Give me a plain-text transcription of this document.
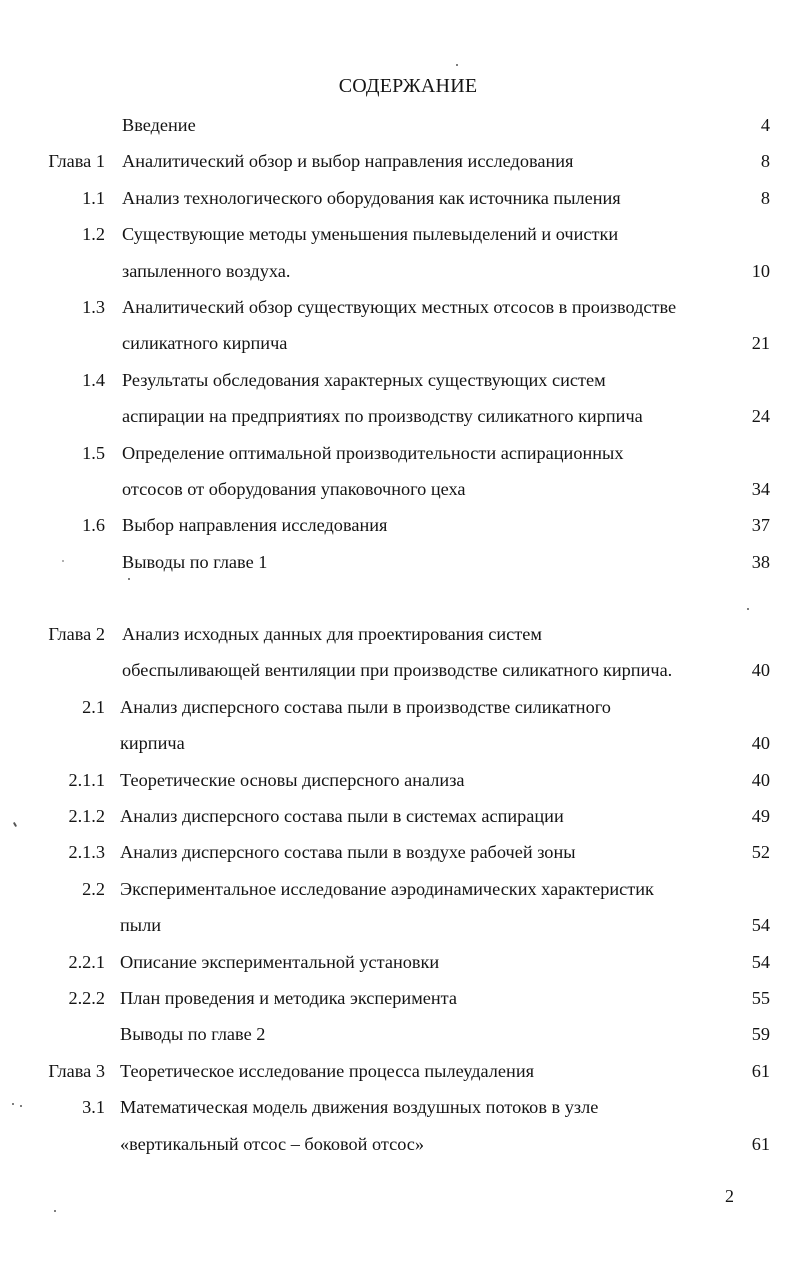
СОДЕРЖАНИЕ
Введение	4
Глава 1 Аналитический обзор и выбор направления исследования	8
1.1 Анализ технологического оборудования как источника пыления	8
1.2 Существующие методы уменьшения пылевыделений и очистки
запыленного воздуха.	10
1.3 Аналитический обзор существующих местных отсосов в производстве
силикатного кирпича	21
1.4 Результаты обследования характерных существующих систем
аспирации на предприятиях по производству силикатного кирпича	24
1.5 Определение оптимальной производительности аспирационных
отсосов от оборудования упаковочного цеха	34
1.6 Выбор направления исследования	37
Выводы по главе 1	38
Глава 2 Анализ исходных данных для проектирования систем
обеспыливающей вентиляции при производстве силикатного кирпича.	40
2.1 Анализ дисперсного состава пыли в производстве силикатного
кирпича	40
2.1.1 Теоретические основы дисперсного анализа	40
2.1.2 Анализ дисперсного состава пыли в системах аспирации	49
2.1.3 Анализ дисперсного состава пыли в воздухе рабочей зоны	52
2.2 Экспериментальное исследование аэродинамических характеристик
пыли	54
2.2.1 Описание экспериментальной установки	54
2.2.2 План проведения и методика эксперимента	55
Выводы по главе 2	59
Глава 3 Теоретическое исследование процесса пылеудаления	61
3.1 Математическая модель движения воздушных потоков в узле
«вертикальный отсос – боковой отсос»	61
2
